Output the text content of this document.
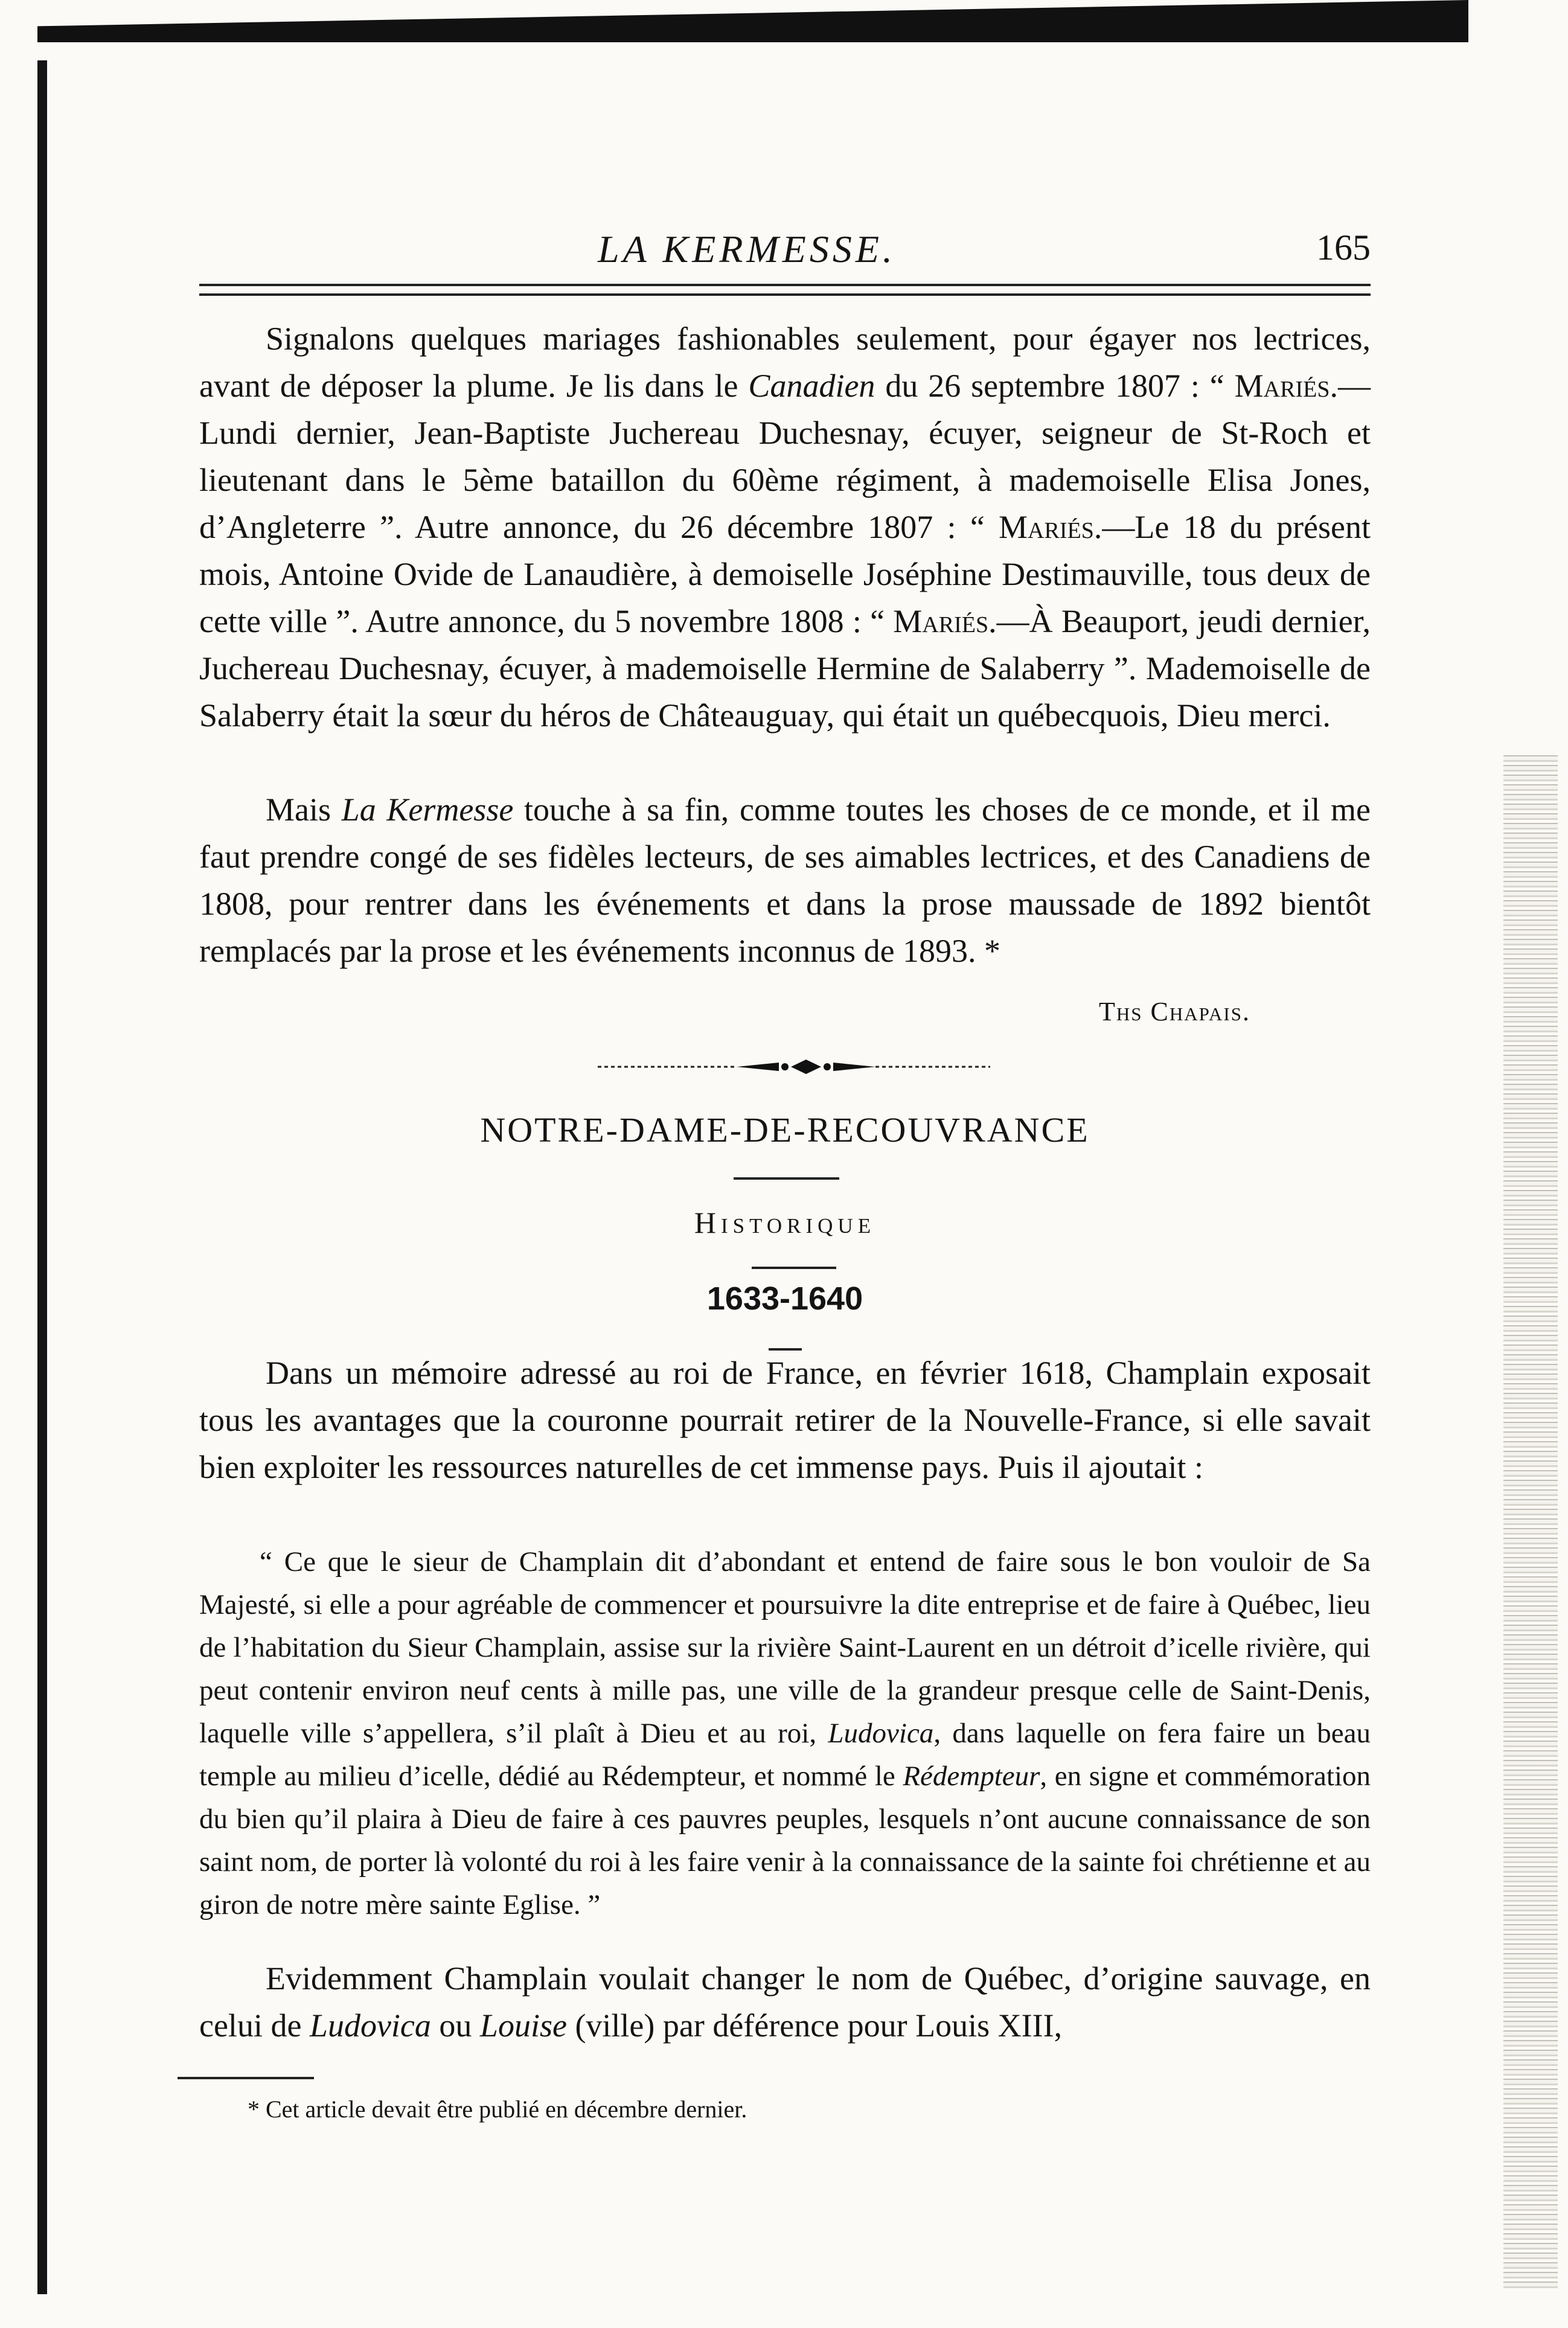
LA KERMESSE.	165

Signalons quelques mariages fashionables seulement, pour égayer nos lectrices, avant de déposer la plume. Je lis dans le Canadien du 26 septembre 1807 : “ Mariés.—Lundi dernier, Jean-Baptiste Juchereau Duchesnay, écuyer, seigneur de St-Roch et lieutenant dans le 5ème bataillon du 60ème régiment, à mademoiselle Elisa Jones, d’Angleterre ”. Autre annonce, du 26 décembre 1807 : “ Mariés.—Le 18 du présent mois, Antoine Ovide de Lanaudière, à demoiselle Joséphine Destimauville, tous deux de cette ville ”. Autre annonce, du 5 novembre 1808 : “ Mariés.—À Beauport, jeudi dernier, Juchereau Duchesnay, écuyer, à mademoiselle Hermine de Salaberry ”. Mademoiselle de Salaberry était la sœur du héros de Châteauguay, qui était un québecquois, Dieu merci.

Mais La Kermesse touche à sa fin, comme toutes les choses de ce monde, et il me faut prendre congé de ses fidèles lecteurs, de ses aimables lectrices, et des Canadiens de 1808, pour rentrer dans les événements et dans la prose maussade de 1892 bientôt remplacés par la prose et les événements inconnus de 1893. *

Ths Chapais.
NOTRE-DAME-DE-RECOUVRANCE
Historique
1633-1640

Dans un mémoire adressé au roi de France, en février 1618, Champlain exposait tous les avantages que la couronne pourrait retirer de la Nouvelle-France, si elle savait bien exploiter les ressources naturelles de cet immense pays. Puis il ajoutait :

“ Ce que le sieur de Champlain dit d’abondant et entend de faire sous le bon vouloir de Sa Majesté, si elle a pour agréable de commencer et poursuivre la dite entreprise et de faire à Québec, lieu de l’habitation du Sieur Champlain, assise sur la rivière Saint-Laurent en un détroit d’icelle rivière, qui peut contenir environ neuf cents à mille pas, une ville de la grandeur presque celle de Saint-Denis, laquelle ville s’appellera, s’il plaît à Dieu et au roi, Ludovica, dans laquelle on fera faire un beau temple au milieu d’icelle, dédié au Rédempteur, et nommé le Rédempteur, en signe et commémoration du bien qu’il plaira à Dieu de faire à ces pauvres peuples, lesquels n’ont aucune connaissance de son saint nom, de porter là volonté du roi à les faire venir à la connaissance de la sainte foi chrétienne et au giron de notre mère sainte Eglise. ”

Evidemment Champlain voulait changer le nom de Québec, d’origine sauvage, en celui de Ludovica ou Louise (ville) par déférence pour Louis XIII,

* Cet article devait être publié en décembre dernier.
